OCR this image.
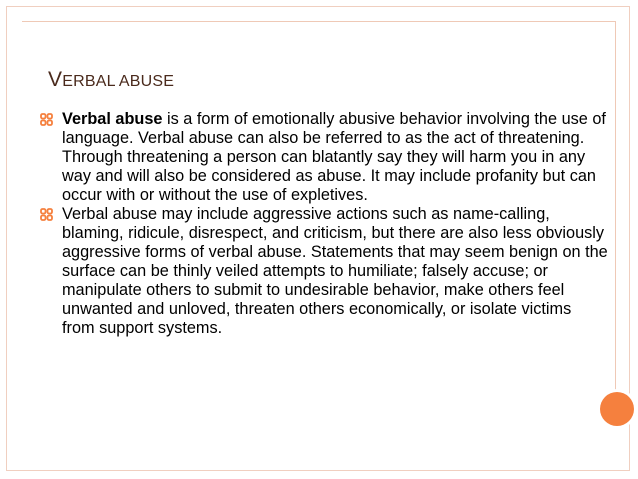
VERBAL ABUSE

Verbal abuse is a form of emotionally abusive behavior involving the use of language. Verbal abuse can also be referred to as the act of threatening. Through threatening a person can blatantly say they will harm you in any way and will also be considered as abuse. It may include profanity but can occur with or without the use of expletives.

Verbal abuse may include aggressive actions such as name-calling, blaming, ridicule, disrespect, and criticism, but there are also less obviously aggressive forms of verbal abuse. Statements that may seem benign on the surface can be thinly veiled attempts to humiliate; falsely accuse; or manipulate others to submit to undesirable behavior, make others feel unwanted and unloved, threaten others economically, or isolate victims from support systems.
